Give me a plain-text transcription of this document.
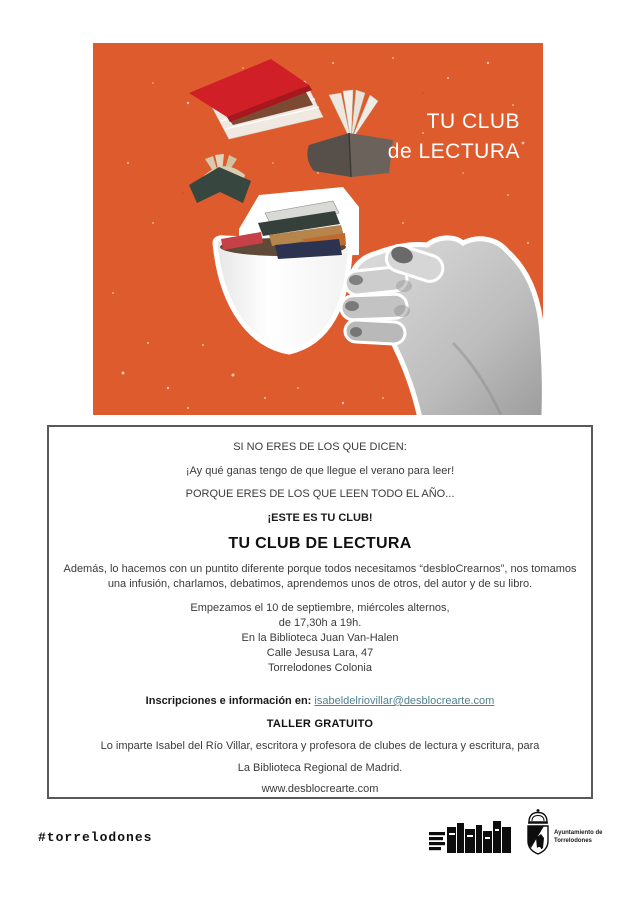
TU CLUB
de LECTURA
SI NO ERES DE LOS QUE DICEN:
¡Ay qué ganas tengo de que llegue el verano para leer!
PORQUE ERES DE LOS QUE LEEN TODO EL AÑO...
¡ESTE ES TU CLUB!
TU CLUB DE LECTURA
Además, lo hacemos con un puntito diferente porque todos necesitamos “desbloCrearnos”, nos tomamos una infusión, charlamos, debatimos, aprendemos unos de otros, del autor y de su libro.
Empezamos el 10 de septiembre, miércoles alternos,
de 17,30h a 19h.
En la Biblioteca Juan Van-Halen
Calle Jesusa Lara, 47
Torrelodones Colonia
Inscripciones e información en: isabeldelriovillar@desblocrearte.com
TALLER GRATUITO
Lo imparte Isabel del Río Villar, escritora y profesora de clubes de lectura y escritura, para
La Biblioteca Regional de Madrid.
www.desblocrearte.com
#torrelodones	Ayuntamiento de
Torrelodones
